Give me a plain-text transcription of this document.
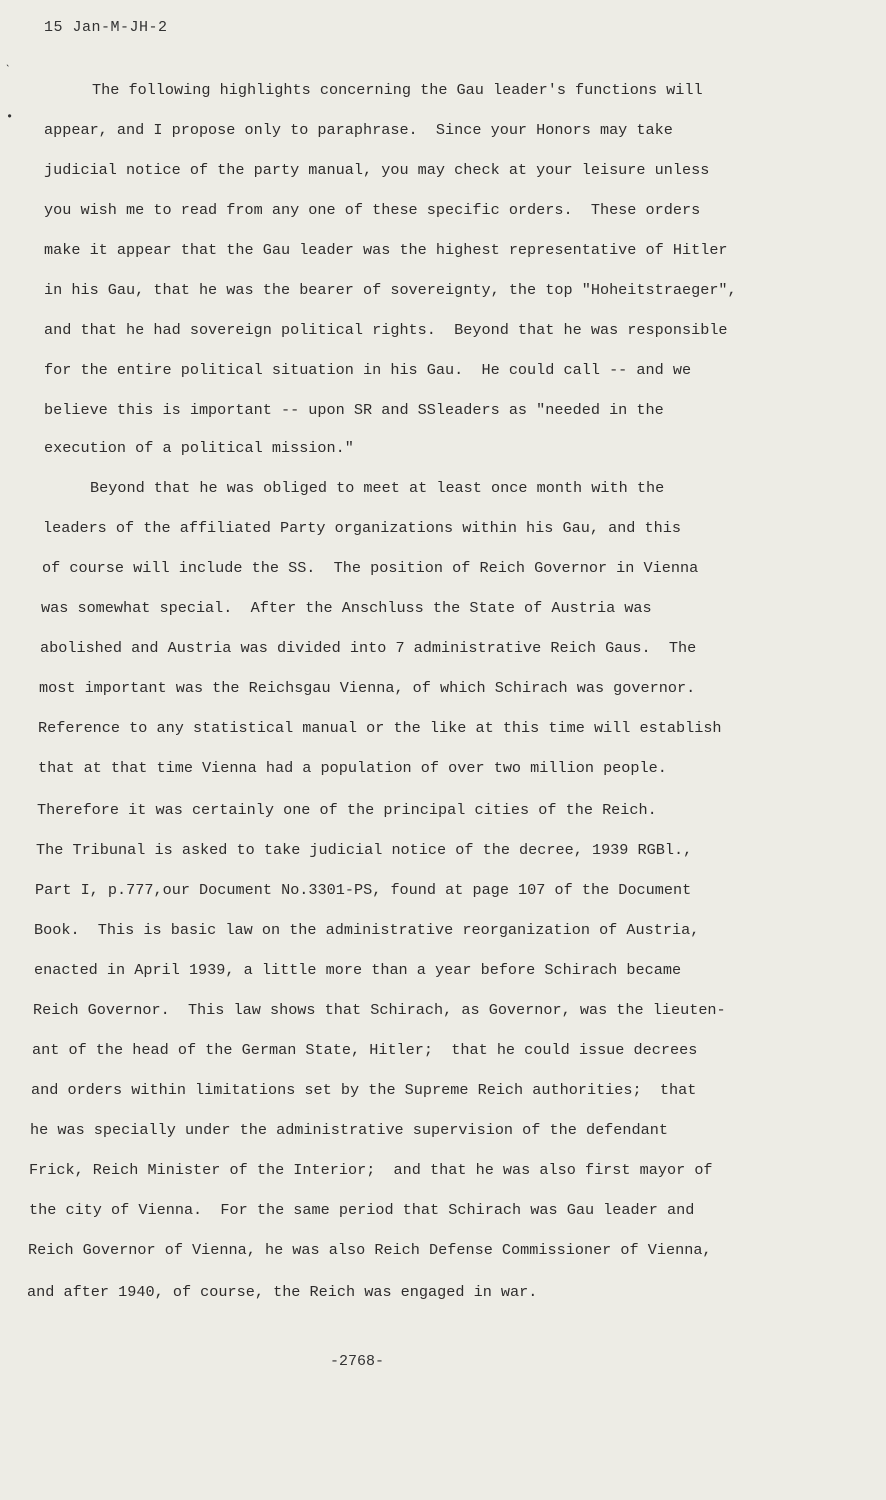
15 Jan-M-JH-2
ˎ
•
The following highlights concerning the Gau leader's functions will
appear, and I propose only to paraphrase.  Since your Honors may take
judicial notice of the party manual, you may check at your leisure unless
you wish me to read from any one of these specific orders.  These orders
make it appear that the Gau leader was the highest representative of Hitler
in his Gau, that he was the bearer of sovereignty, the top "Hoheitstraeger",
and that he had sovereign political rights.  Beyond that he was responsible
for the entire political situation in his Gau.  He could call -- and we
believe this is important -- upon SR and SSleaders as "needed in the
execution of a political mission."
Beyond that he was obliged to meet at least once month with the
leaders of the affiliated Party organizations within his Gau, and this
of course will include the SS.  The position of Reich Governor in Vienna
was somewhat special.  After the Anschluss the State of Austria was
abolished and Austria was divided into 7 administrative Reich Gaus.  The
most important was the Reichsgau Vienna, of which Schirach was governor.
Reference to any statistical manual or the like at this time will establish
that at that time Vienna had a population of over two million people.
Therefore it was certainly one of the principal cities of the Reich.
The Tribunal is asked to take judicial notice of the decree, 1939 RGBl.,
Part I, p.777,our Document No.3301-PS, found at page 107 of the Document
Book.  This is basic law on the administrative reorganization of Austria,
enacted in April 1939, a little more than a year before Schirach became
Reich Governor.  This law shows that Schirach, as Governor, was the lieuten-
ant of the head of the German State, Hitler;  that he could issue decrees
and orders within limitations set by the Supreme Reich authorities;  that
he was specially under the administrative supervision of the defendant
Frick, Reich Minister of the Interior;  and that he was also first mayor of
the city of Vienna.  For the same period that Schirach was Gau leader and
Reich Governor of Vienna, he was also Reich Defense Commissioner of Vienna,
and after 1940, of course, the Reich was engaged in war.
-2768-
